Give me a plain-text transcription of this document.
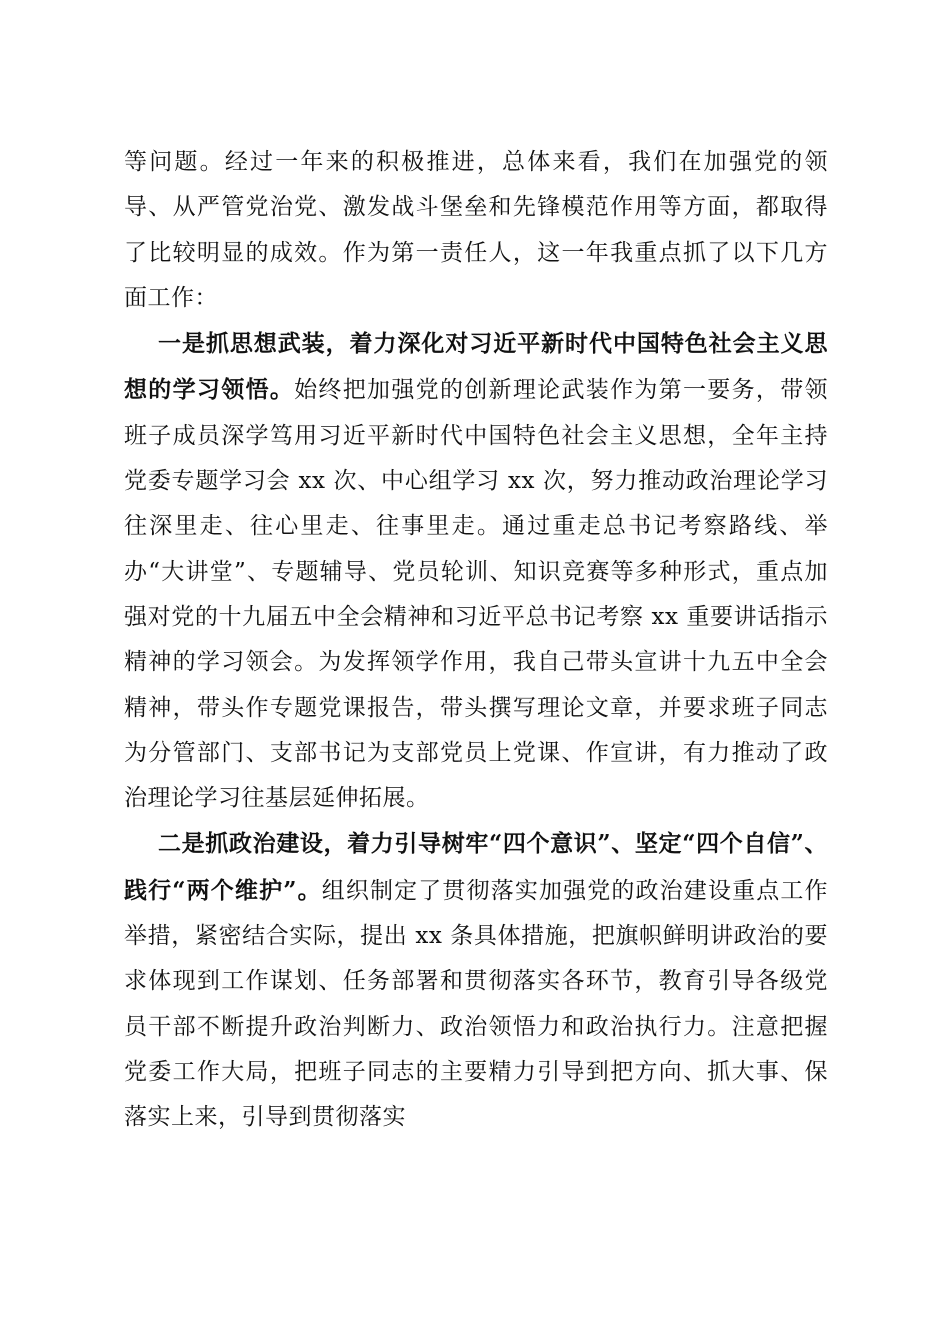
等问题。经过一年来的积极推进，总体来看，我们在加强党的领导、从严管党治党、激发战斗堡垒和先锋模范作用等方面，都取得了比较明显的成效。作为第一责任人，这一年我重点抓了以下几方面工作：

一是抓思想武装，着力深化对习近平新时代中国特色社会主义思想的学习领悟。始终把加强党的创新理论武装作为第一要务，带领班子成员深学笃用习近平新时代中国特色社会主义思想，全年主持党委专题学习会 xx 次、中心组学习 xx 次，努力推动政治理论学习往深里走、往心里走、往事里走。通过重走总书记考察路线、举办“大讲堂”、专题辅导、党员轮训、知识竞赛等多种形式，重点加强对党的十九届五中全会精神和习近平总书记考察 xx 重要讲话指示精神的学习领会。为发挥领学作用，我自己带头宣讲十九五中全会精神，带头作专题党课报告，带头撰写理论文章，并要求班子同志为分管部门、支部书记为支部党员上党课、作宣讲，有力推动了政治理论学习往基层延伸拓展。

二是抓政治建设，着力引导树牢“四个意识”、坚定“四个自信”、践行“两个维护”。组织制定了贯彻落实加强党的政治建设重点工作举措，紧密结合实际，提出 xx 条具体措施，把旗帜鲜明讲政治的要求体现到工作谋划、任务部署和贯彻落实各环节，教育引导各级党员干部不断提升政治判断力、政治领悟力和政治执行力。注意把握党委工作大局，把班子同志的主要精力引导到把方向、抓大事、保落实上来，引导到贯彻落实
